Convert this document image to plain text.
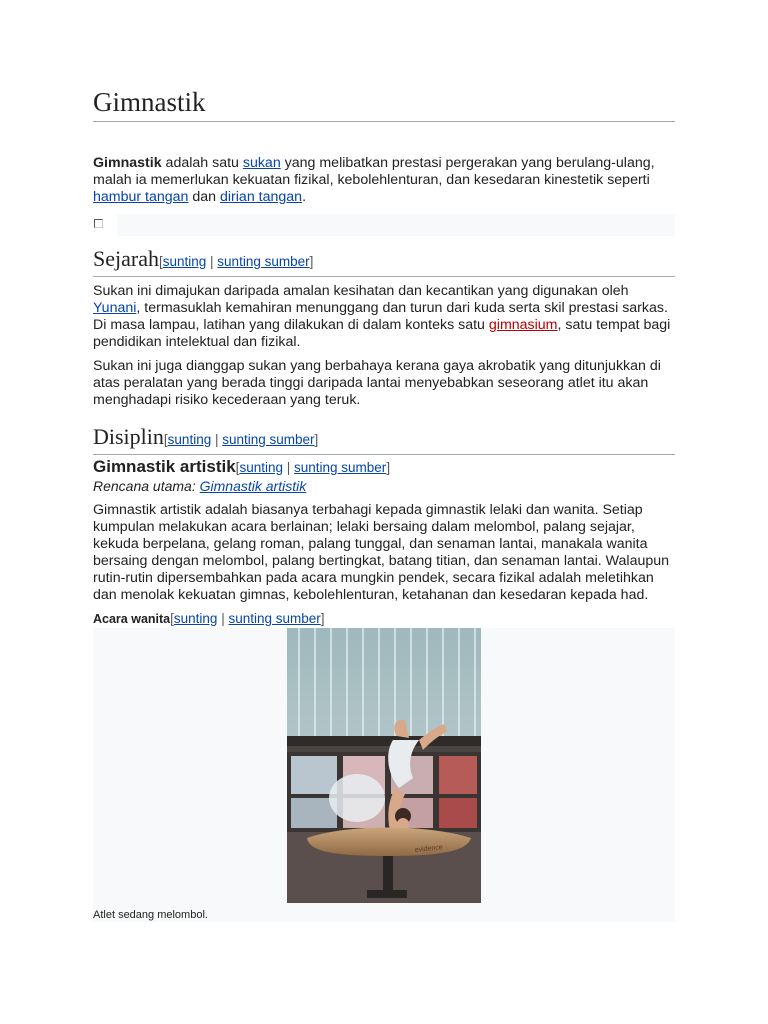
Gimnastik

Gimnastik adalah satu sukan yang melibatkan prestasi pergerakan yang berulang-ulang, malah ia memerlukan kekuatan fizikal, kebolehlenturan, dan kesedaran kinestetik seperti hambur tangan dan dirian tangan.

Sejarah[sunting | sunting sumber]

Sukan ini dimajukan daripada amalan kesihatan dan kecantikan yang digunakan oleh Yunani, termasuklah kemahiran menunggang dan turun dari kuda serta skil prestasi sarkas. Di masa lampau, latihan yang dilakukan di dalam konteks satu gimnasium, satu tempat bagi pendidikan intelektual dan fizikal.

Sukan ini juga dianggap sukan yang berbahaya kerana gaya akrobatik yang ditunjukkan di atas peralatan yang berada tinggi daripada lantai menyebabkan seseorang atlet itu akan menghadapi risiko kecederaan yang teruk.

Disiplin[sunting | sunting sumber]
Gimnastik artistik[sunting | sunting sumber]
Rencana utama: Gimnastik artistik

Gimnastik artistik adalah biasanya terbahagi kepada gimnastik lelaki dan wanita. Setiap kumpulan melakukan acara berlainan; lelaki bersaing dalam melombol, palang sejajar, kekuda berpelana, gelang roman, palang tunggal, dan senaman lantai, manakala wanita bersaing dengan melombol, palang bertingkat, batang titian, dan senaman lantai. Walaupun rutin-rutin dipersembahkan pada acara mungkin pendek, secara fizikal adalah meletihkan dan menolak kekuatan gimnas, kebolehlenturan, ketahanan dan kesedaran kepada had.

Acara wanita[sunting | sunting sumber]
evidence
Atlet sedang melombol.
